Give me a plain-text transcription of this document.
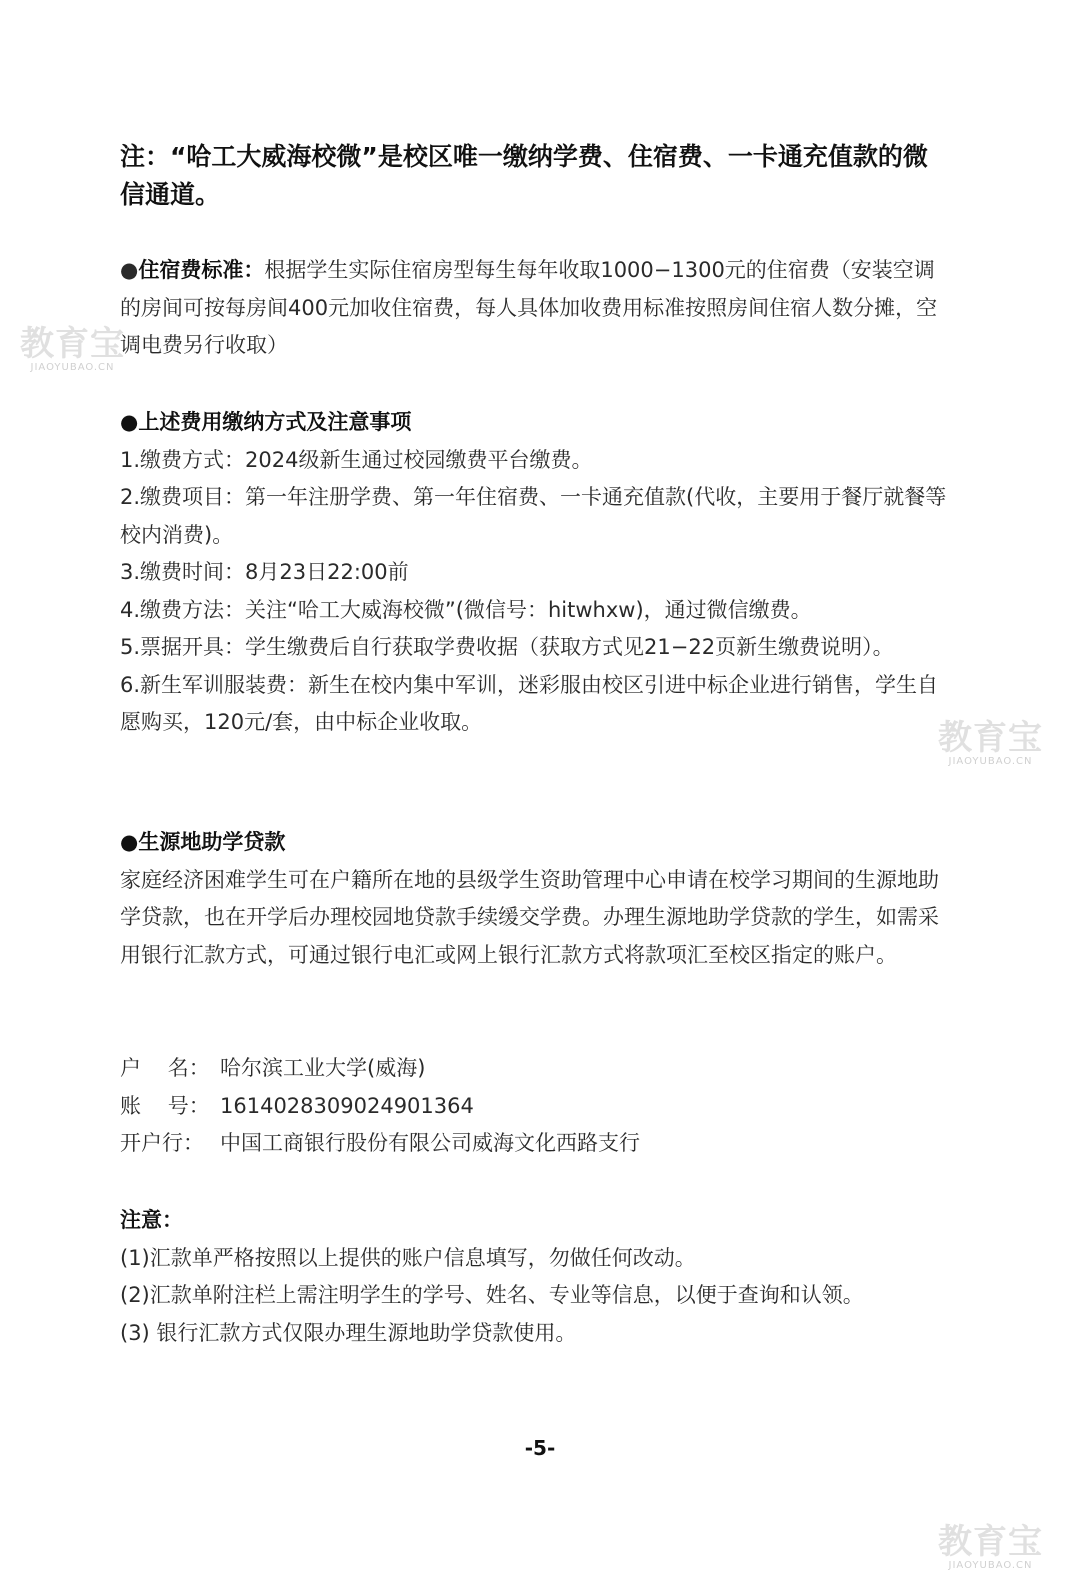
教育宝
JIAOYUBAO.CN
教育宝
JIAOYUBAO.CN
教育宝
JIAOYUBAO.CN
注：“哈工大威海校微”是校区唯一缴纳学费、住宿费、一卡通充值款的微信通道。

●住宿费标准：根据学生实际住宿房型每生每年收取1000−1300元的住宿费（安装空调的房间可按每房间400元加收住宿费，每人具体加收费用标准按照房间住宿人数分摊，空调电费另行收取）

●上述费用缴纳方式及注意事项

1.缴费方式：2024级新生通过校园缴费平台缴费。

2.缴费项目：第一年注册学费、第一年住宿费、一卡通充值款(代收，主要用于餐厅就餐等校内消费)。

3.缴费时间：8月23日22:00前

4.缴费方法：关注“哈工大威海校微”(微信号：hitwhxw)，通过微信缴费。

5.票据开具：学生缴费后自行获取学费收据（获取方式见21−22页新生缴费说明）。

6.新生军训服装费：新生在校内集中军训，迷彩服由校区引进中标企业进行销售，学生自愿购买，120元/套，由中标企业收取。

●生源地助学贷款

家庭经济困难学生可在户籍所在地的县级学生资助管理中心申请在校学习期间的生源地助学贷款，也在开学后办理校园地贷款手续缓交学费。办理生源地助学贷款的学生，如需采用银行汇款方式，可通过银行电汇或网上银行汇款方式将款项汇至校区指定的账户。

户    名： 哈尔滨工业大学(威海)
账    号： 1614028309024901364
开户行： 中国工商银行股份有限公司威海文化西路支行

注意：

(1)汇款单严格按照以上提供的账户信息填写，勿做任何改动。

(2)汇款单附注栏上需注明学生的学号、姓名、专业等信息，以便于查询和认领。

(3) 银行汇款方式仅限办理生源地助学贷款使用。

-5-
